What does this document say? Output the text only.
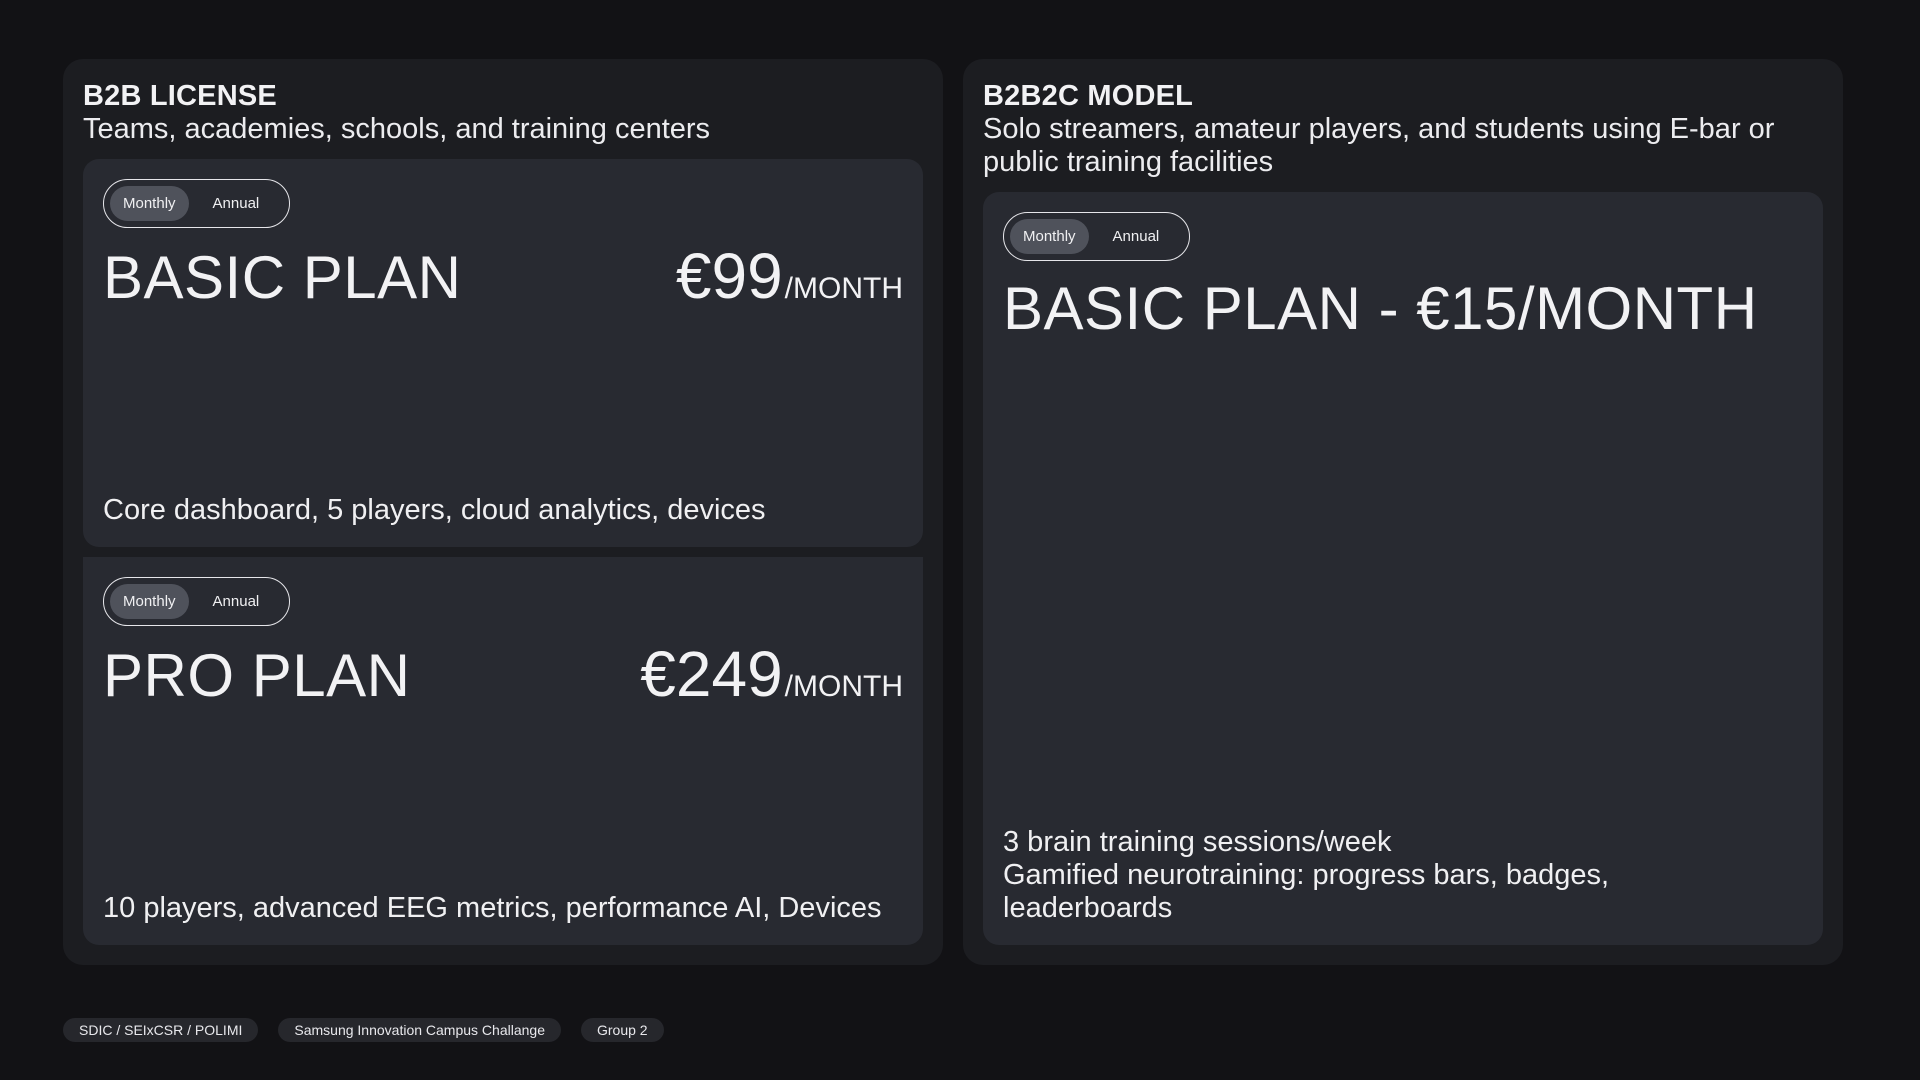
B2B LICENSE
Teams, academies, schools, and training centers
Monthly	Annual
BASIC PLAN	€99/MONTH
Core dashboard, 5 players, cloud analytics, devices
Monthly	Annual
PRO PLAN	€249/MONTH
10 players, advanced EEG metrics, performance AI, Devices
B2B2C MODEL
Solo streamers, amateur players, and students using E-bar or
public training facilities
Monthly	Annual
BASIC PLAN - €15/MONTH
3 brain training sessions/week
Gamified neurotraining: progress bars, badges,
leaderboards
SDIC / SEIxCSR / POLIMI	Samsung Innovation Campus Challange	Group 2
